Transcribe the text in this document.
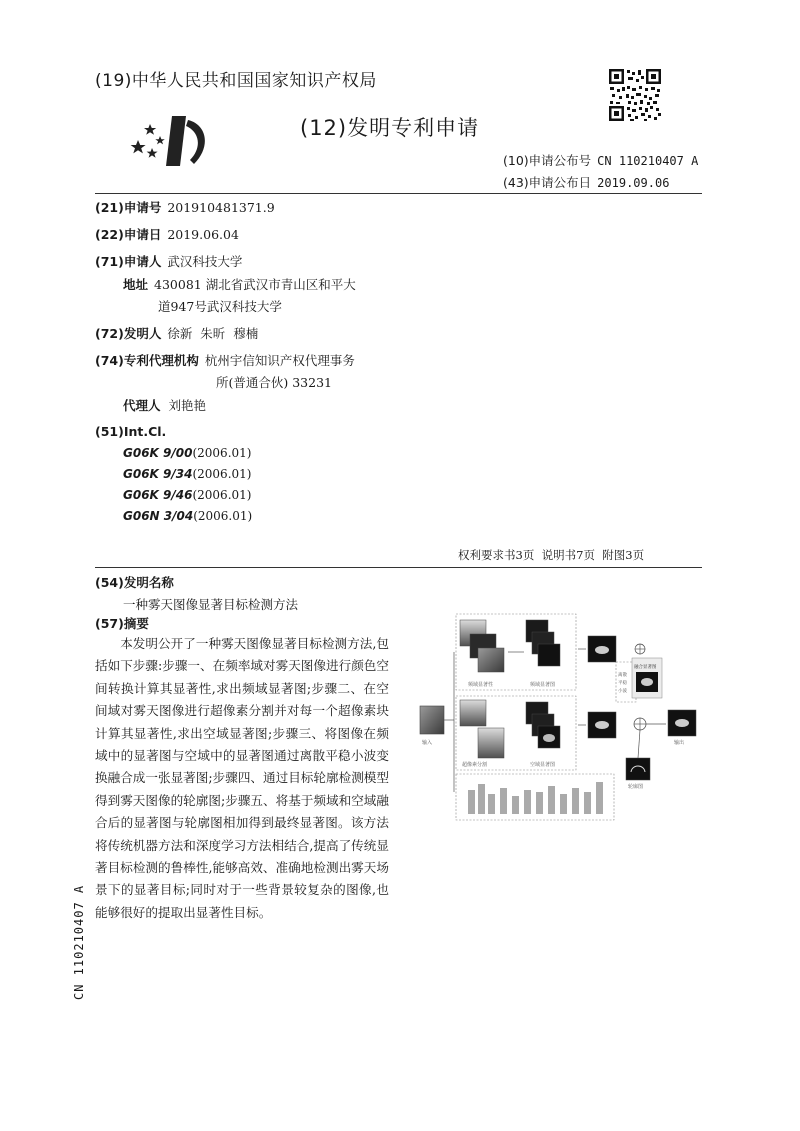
(19)中华人民共和国国家知识产权局
(12)发明专利申请
(10)申请公布号 CN 110210407 A
(43)申请公布日 2019.09.06
(21)申请号 201910481371.9
(22)申请日 2019.06.04
(71)申请人 武汉科技大学
地址 430081 湖北省武汉市青山区和平大
道947号武汉科技大学
(72)发明人 徐新  朱昕  穆楠
(74)专利代理机构 杭州宇信知识产权代理事务
所(普通合伙) 33231
代理人 刘艳艳
(51)Int.Cl.
G06K 9/00(2006.01)
G06K 9/34(2006.01)
G06K 9/46(2006.01)
G06N 3/04(2006.01)
权利要求书3页  说明书7页  附图3页
(54)发明名称
一种雾天图像显著目标检测方法
(57)摘要
本发明公开了一种雾天图像显著目标检测方法,包括如下步骤:步骤一、在频率域对雾天图像进行颜色空间转换计算其显著性,求出频域显著图;步骤二、在空间域对雾天图像进行超像素分割并对每一个超像素块计算其显著性,求出空域显著图;步骤三、将图像在频域中的显著图与空域中的显著图通过离散平稳小波变换融合成一张显著图;步骤四、通过目标轮廓检测模型得到雾天图像的轮廓图;步骤五、将基于频域和空域融合后的显著图与轮廓图相加得到最终显著图。该方法将传统机器方法和深度学习方法相结合,提高了传统显著目标检测的鲁棒性,能够高效、准确地检测出雾天场景下的显著目标;同时对于一些背景较复杂的图像,也能够很好的提取出显著性目标。
CN 110210407 A
输入
频域显著性	频域显著图
超像素分割	空域显著图
离散
平稳
小波
融合显著图
输出
轮廓图
